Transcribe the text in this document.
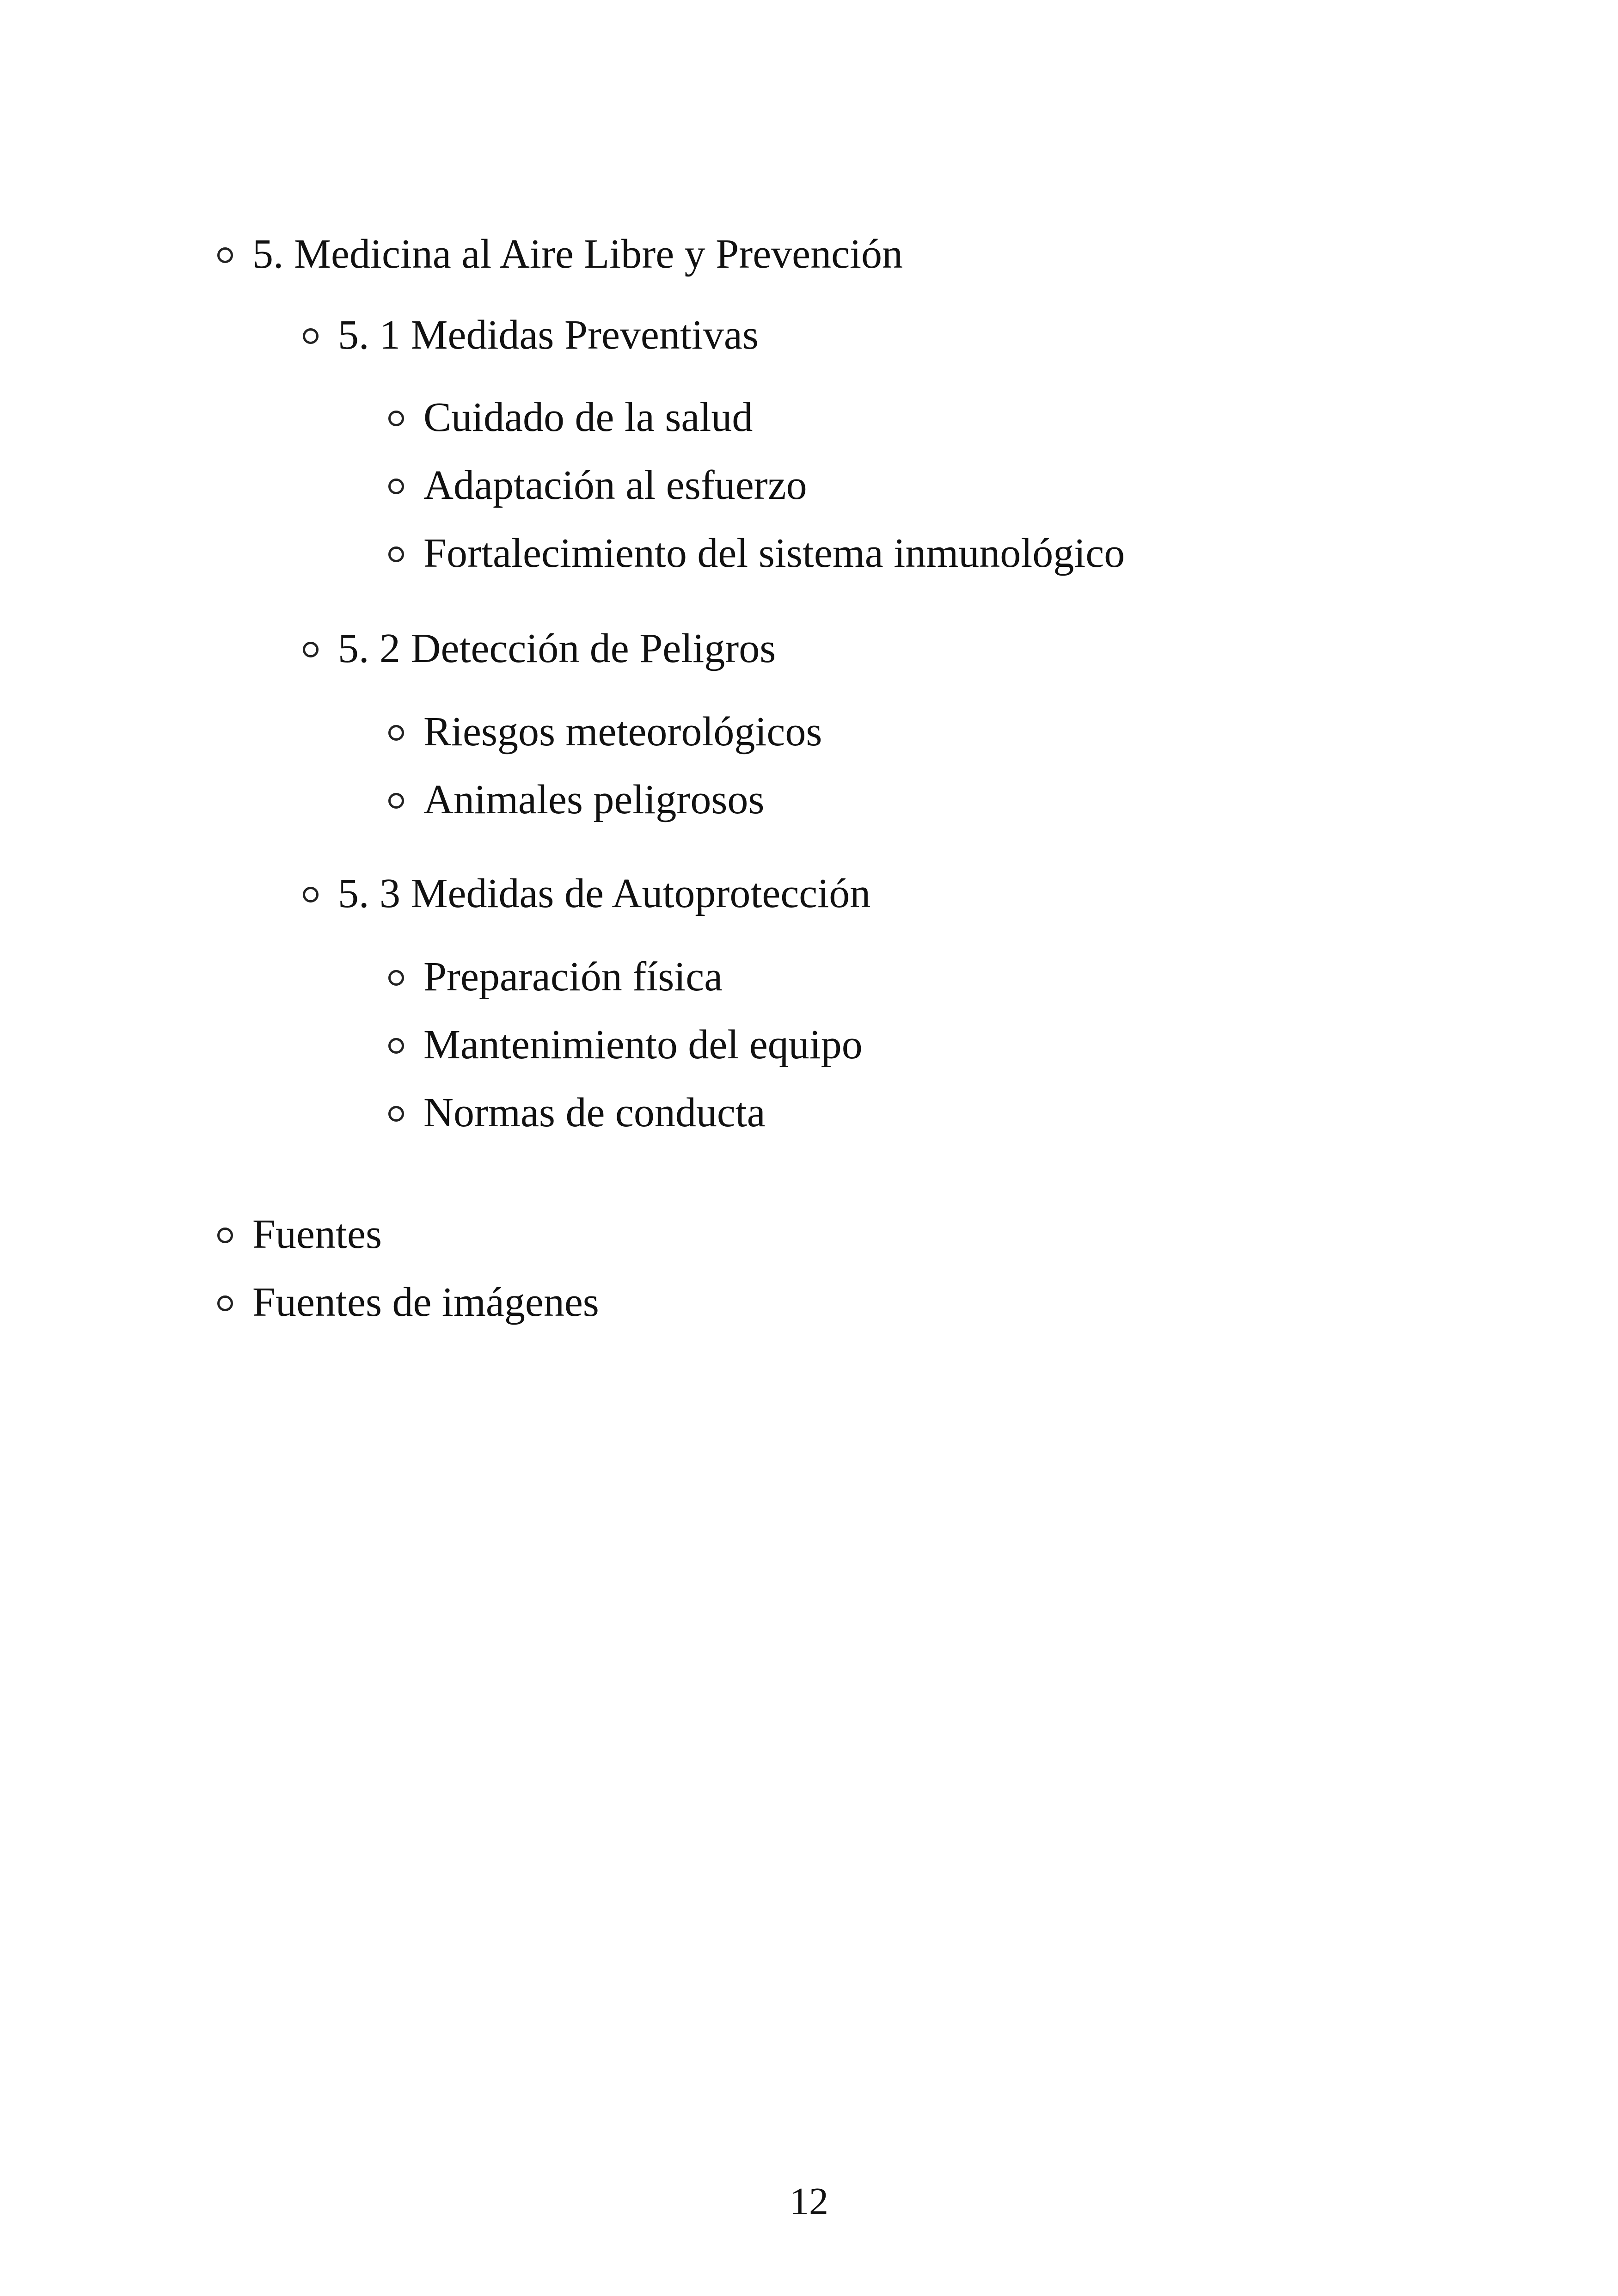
5. Medicina al Aire Libre y Prevención
5. 1 Medidas Preventivas
Cuidado de la salud
Adaptación al esfuerzo
Fortalecimiento del sistema inmunológico
5. 2 Detección de Peligros
Riesgos meteorológicos
Animales peligrosos
5. 3 Medidas de Autoprotección
Preparación física
Mantenimiento del equipo
Normas de conducta
Fuentes
Fuentes de imágenes
12
